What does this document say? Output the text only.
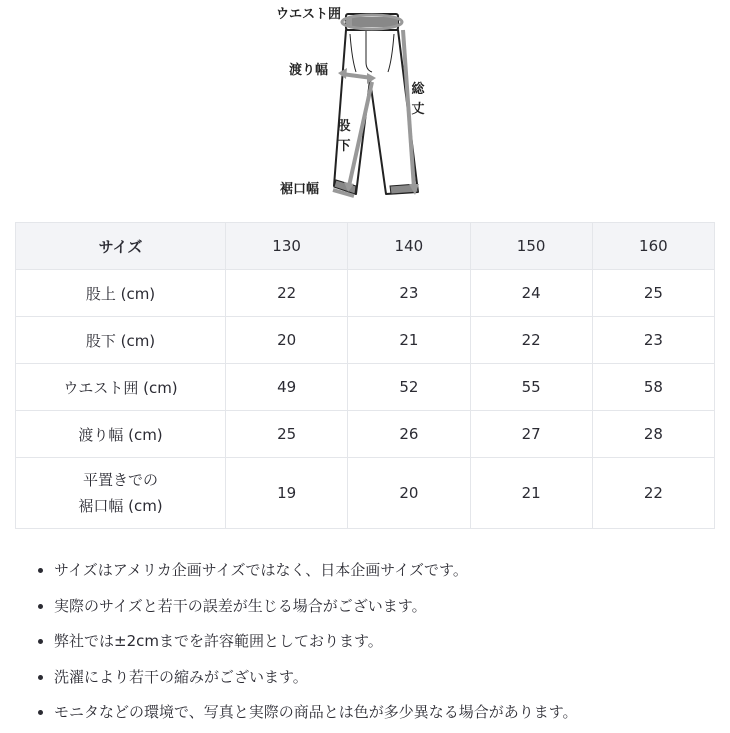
ウエスト囲
渡り幅
股下
裾口幅
総丈
サイズ	130	140	150	160
股上 (cm)	22	23	24	25
股下 (cm)	20	21	22	23
ウエスト囲 (cm)	49	52	55	58
渡り幅 (cm)	25	26	27	28
平置きでの
裾口幅 (cm)	19	20	21	22
サイズはアメリカ企画サイズではなく、日本企画サイズです。
実際のサイズと若干の誤差が生じる場合がございます。
弊社では±2cmまでを許容範囲としております。
洗濯により若干の縮みがございます。
モニタなどの環境で、写真と実際の商品とは色が多少異なる場合があります。
